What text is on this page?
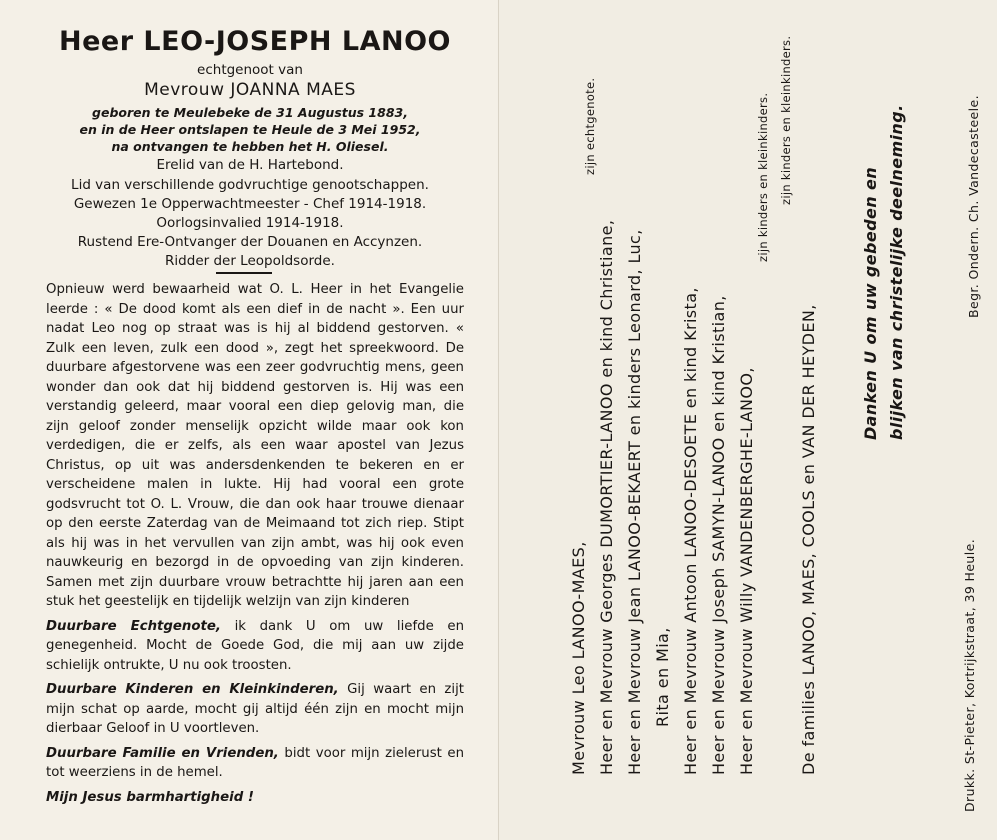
Heer LEO-JOSEPH LANOO

echtgenoot van

Mevrouw JOANNA MAES

geboren te Meulebeke de 31 Augustus 1883,

en in de Heer ontslapen te Heule de 3 Mei 1952,

na ontvangen te hebben het H. Oliesel.

Erelid van de H. Hartebond.

Lid van verschillende godvruchtige genootschappen.

Gewezen 1e Opperwachtmeester - Chef 1914-1918.

Oorlogsinvalied 1914-1918.

Rustend Ere-Ontvanger der Douanen en Accynzen.

Ridder der Leopoldsorde.

Opnieuw werd bewaarheid wat O. L. Heer in het Evangelie leerde : « De dood komt als een dief in de nacht ». Een uur nadat Leo nog op straat was is hij al biddend gestorven. « Zulk een leven, zulk een dood », zegt het spreekwoord. De duurbare afgestorvene was een zeer godvruchtig mens, geen wonder dan ook dat hij biddend gestorven is. Hij was een verstandig geleerd, maar vooral een diep gelovig man, die zijn geloof zonder menselijk opzicht wilde maar ook kon verdedigen, die er zelfs, als een waar apostel van Jezus Christus, op uit was andersdenkenden te bekeren en er verscheidene malen in lukte. Hij had vooral een grote godsvrucht tot O. L. Vrouw, die dan ook haar trouwe dienaar op den eerste Zaterdag van de Meimaand tot zich riep. Stipt als hij was in het vervullen van zijn ambt, was hij ook even nauwkeurig en bezorgd in de opvoeding van zijn kinderen. Samen met zijn duurbare vrouw betrachtte hij jaren aan een stuk het geestelijk en tijdelijk welzijn van zijn kinderen

Duurbare Echtgenote, ik dank U om uw liefde en genegenheid. Mocht de Goede God, die mij aan uw zijde schielijk ontrukte, U nu ook troosten.

Duurbare Kinderen en Kleinkinderen, Gij waart en zijt mijn schat op aarde, mocht gij altijd één zijn en mocht mijn dierbaar Geloof in U voortleven.

Duurbare Familie en Vrienden, bidt voor mijn zielerust en tot weerziens in de hemel.

Mijn Jesus barmhartigheid !

Mevrouw Leo LANOO-MAES,
zijn echtgenote.
Heer en Mevrouw Georges DUMORTIER-LANOO en kind Christiane, Heer en Mevrouw Jean LANOO-BEKAERT en kinders Leonard, Luc, Rita en Mia, Heer en Mevrouw Antoon LANOO-DESOETE en kind Krista, Heer en Mevrouw Joseph SAMYN-LANOO en kind Kristian, Heer en Mevrouw Willy VANDENBERGHE-LANOO,
zijn kinders en kleinkinders.
De families LANOO, MAES, COOLS en VAN DER HEYDEN,
zijn kinders en kleinkinders.
Danken U om uw gebeden en blijken van christelijke deelneming.
Drukk. St-Pieter, Kortrijkstraat, 39 Heule.
Begr. Ondern. Ch. Vandecasteele.
